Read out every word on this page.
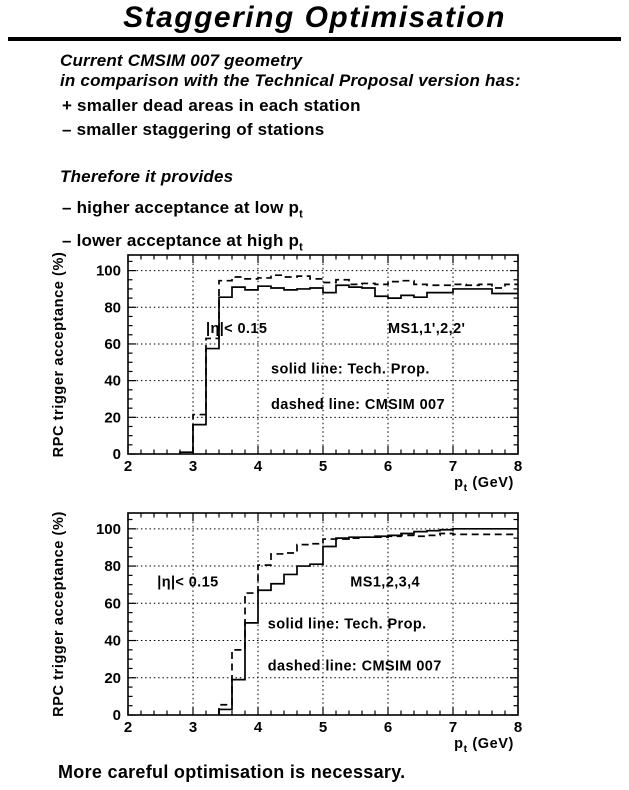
Staggering Optimisation
Current CMSIM 007 geometry
in comparison with the Technical Proposal version has:
+ smaller dead areas in each station
– smaller staggering of stations
Therefore it provides
– higher acceptance at low $p_t$
– lower acceptance at high $p_t$
2	3	4	5	6	7	8
0
20
40
60
80
100
RPC trigger acceptance (%)
$p_t$ (GeV)
|η|< 0.15	MS1,1',2,2'
solid line: Tech. Prop.
dashed line: CMSIM 007
2	3	4	5	6	7	8
0
20
40
60
80
100
RPC trigger acceptance (%)
$p_t$ (GeV)
|η|< 0.15	MS1,2,3,4
solid line: Tech. Prop.
dashed line: CMSIM 007
More careful optimisation is necessary.
